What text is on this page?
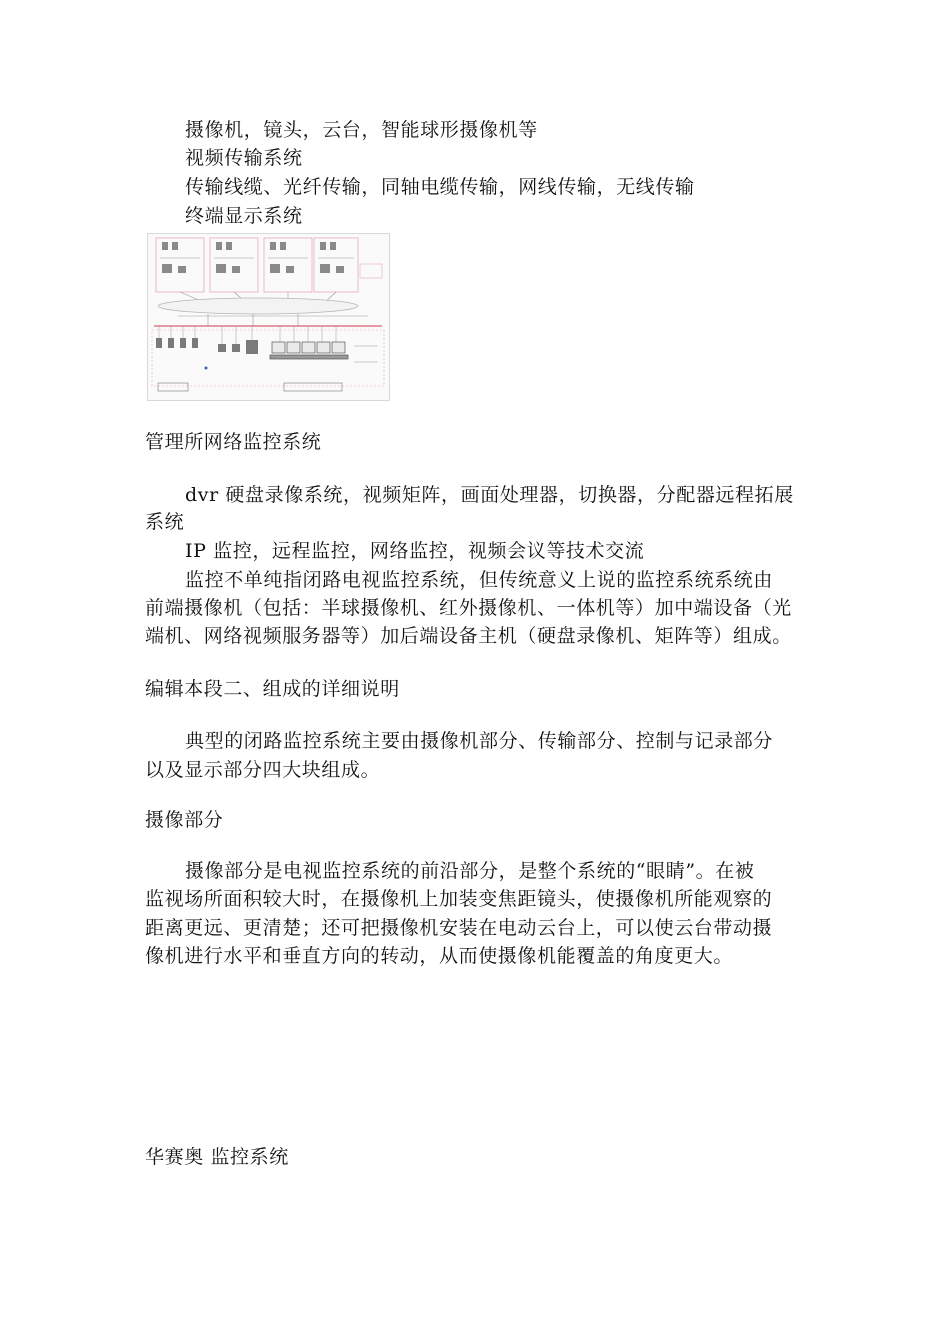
摄像机，镜头，云台，智能球形摄像机等
视频传输系统
传输线缆、光纤传输，同轴电缆传输，网线传输，无线传输
终端显示系统
管理所网络监控系统
dvr 硬盘录像系统，视频矩阵，画面处理器，切换器，分配器远程拓展
系统
IP 监控，远程监控，网络监控，视频会议等技术交流
监控不单纯指闭路电视监控系统，但传统意义上说的监控系统系统由
前端摄像机（包括：半球摄像机、红外摄像机、一体机等）加中端设备（光
端机、网络视频服务器等）加后端设备主机（硬盘录像机、矩阵等）组成。
编辑本段二、组成的详细说明
典型的闭路监控系统主要由摄像机部分、传输部分、控制与记录部分
以及显示部分四大块组成。
摄像部分
摄像部分是电视监控系统的前沿部分，是整个系统的“眼睛”。在被
监视场所面积较大时，在摄像机上加装变焦距镜头，使摄像机所能观察的
距离更远、更清楚；还可把摄像机安装在电动云台上，可以使云台带动摄
像机进行水平和垂直方向的转动，从而使摄像机能覆盖的角度更大。
华赛奥 监控系统
